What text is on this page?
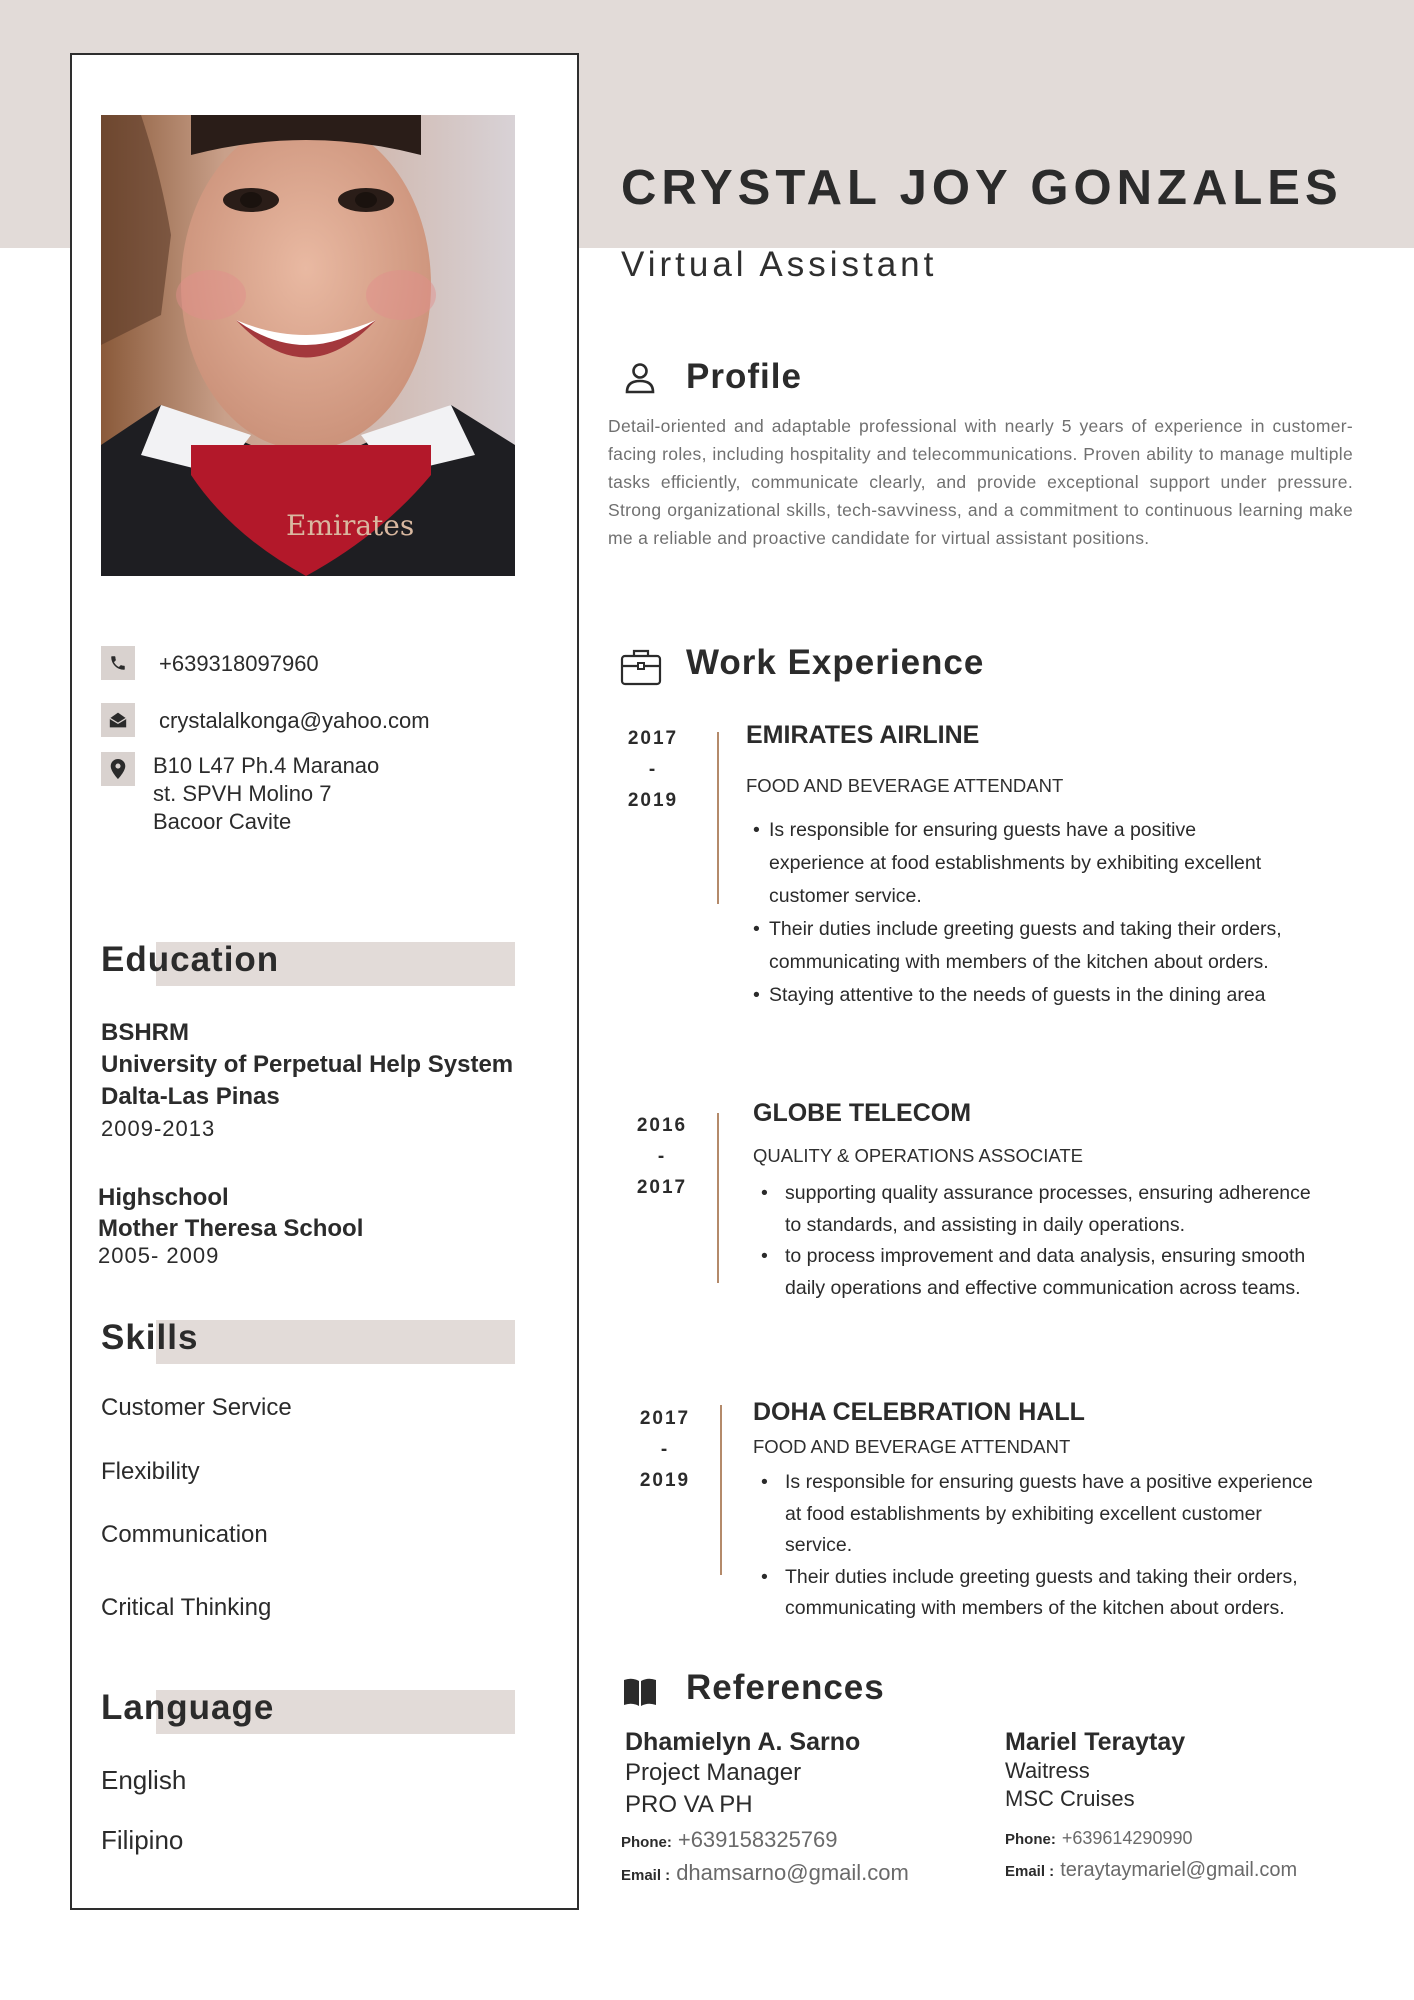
Emirates
CRYSTAL JOY GONZALES
Virtual Assistant
+639318097960
crystalalkonga@yahoo.com
B10 L47 Ph.4 Maranao
st. SPVH Molino 7
Bacoor Cavite
Education
BSHRM
University of Perpetual Help System Dalta-Las Pinas
2009-2013
Highschool
Mother Theresa School
2005- 2009
Skills
Customer Service
Flexibility
Communication
Critical Thinking
Language
English
Filipino
Profile
Detail-oriented and adaptable professional with nearly 5 years of experience in customer-facing roles, including hospitality and telecommunications. Proven ability to manage multiple tasks efficiently, communicate clearly, and provide exceptional support under pressure. Strong organizational skills, tech-savviness, and a commitment to continuous learning make me a reliable and proactive candidate for virtual assistant positions.
Work Experience
2017
-
2019
EMIRATES AIRLINE
FOOD AND BEVERAGE ATTENDANT
• Is responsible for ensuring guests have a positive experience at food establishments by exhibiting excellent customer service.
• Their duties include greeting guests and taking their orders, communicating with members of the kitchen about orders.
• Staying attentive to the needs of guests in the dining area
2016
-
2017
GLOBE TELECOM
QUALITY & OPERATIONS ASSOCIATE
• supporting quality assurance processes, ensuring adherence to standards, and assisting in daily operations.
• to process improvement and data analysis, ensuring smooth daily operations and effective communication across teams.
2017
-
2019
DOHA CELEBRATION HALL
FOOD AND BEVERAGE ATTENDANT
• Is responsible for ensuring guests have a positive experience at food establishments by exhibiting excellent customer service.
• Their duties include greeting guests and taking their orders, communicating with members of the kitchen about orders.
References
Dhamielyn A. Sarno
Project Manager
PRO VA PH
Phone: +639158325769
Email : dhamsarno@gmail.com
Mariel Teraytay
Waitress
MSC Cruises
Phone: +639614290990
Email : teraytaymariel@gmail.com
